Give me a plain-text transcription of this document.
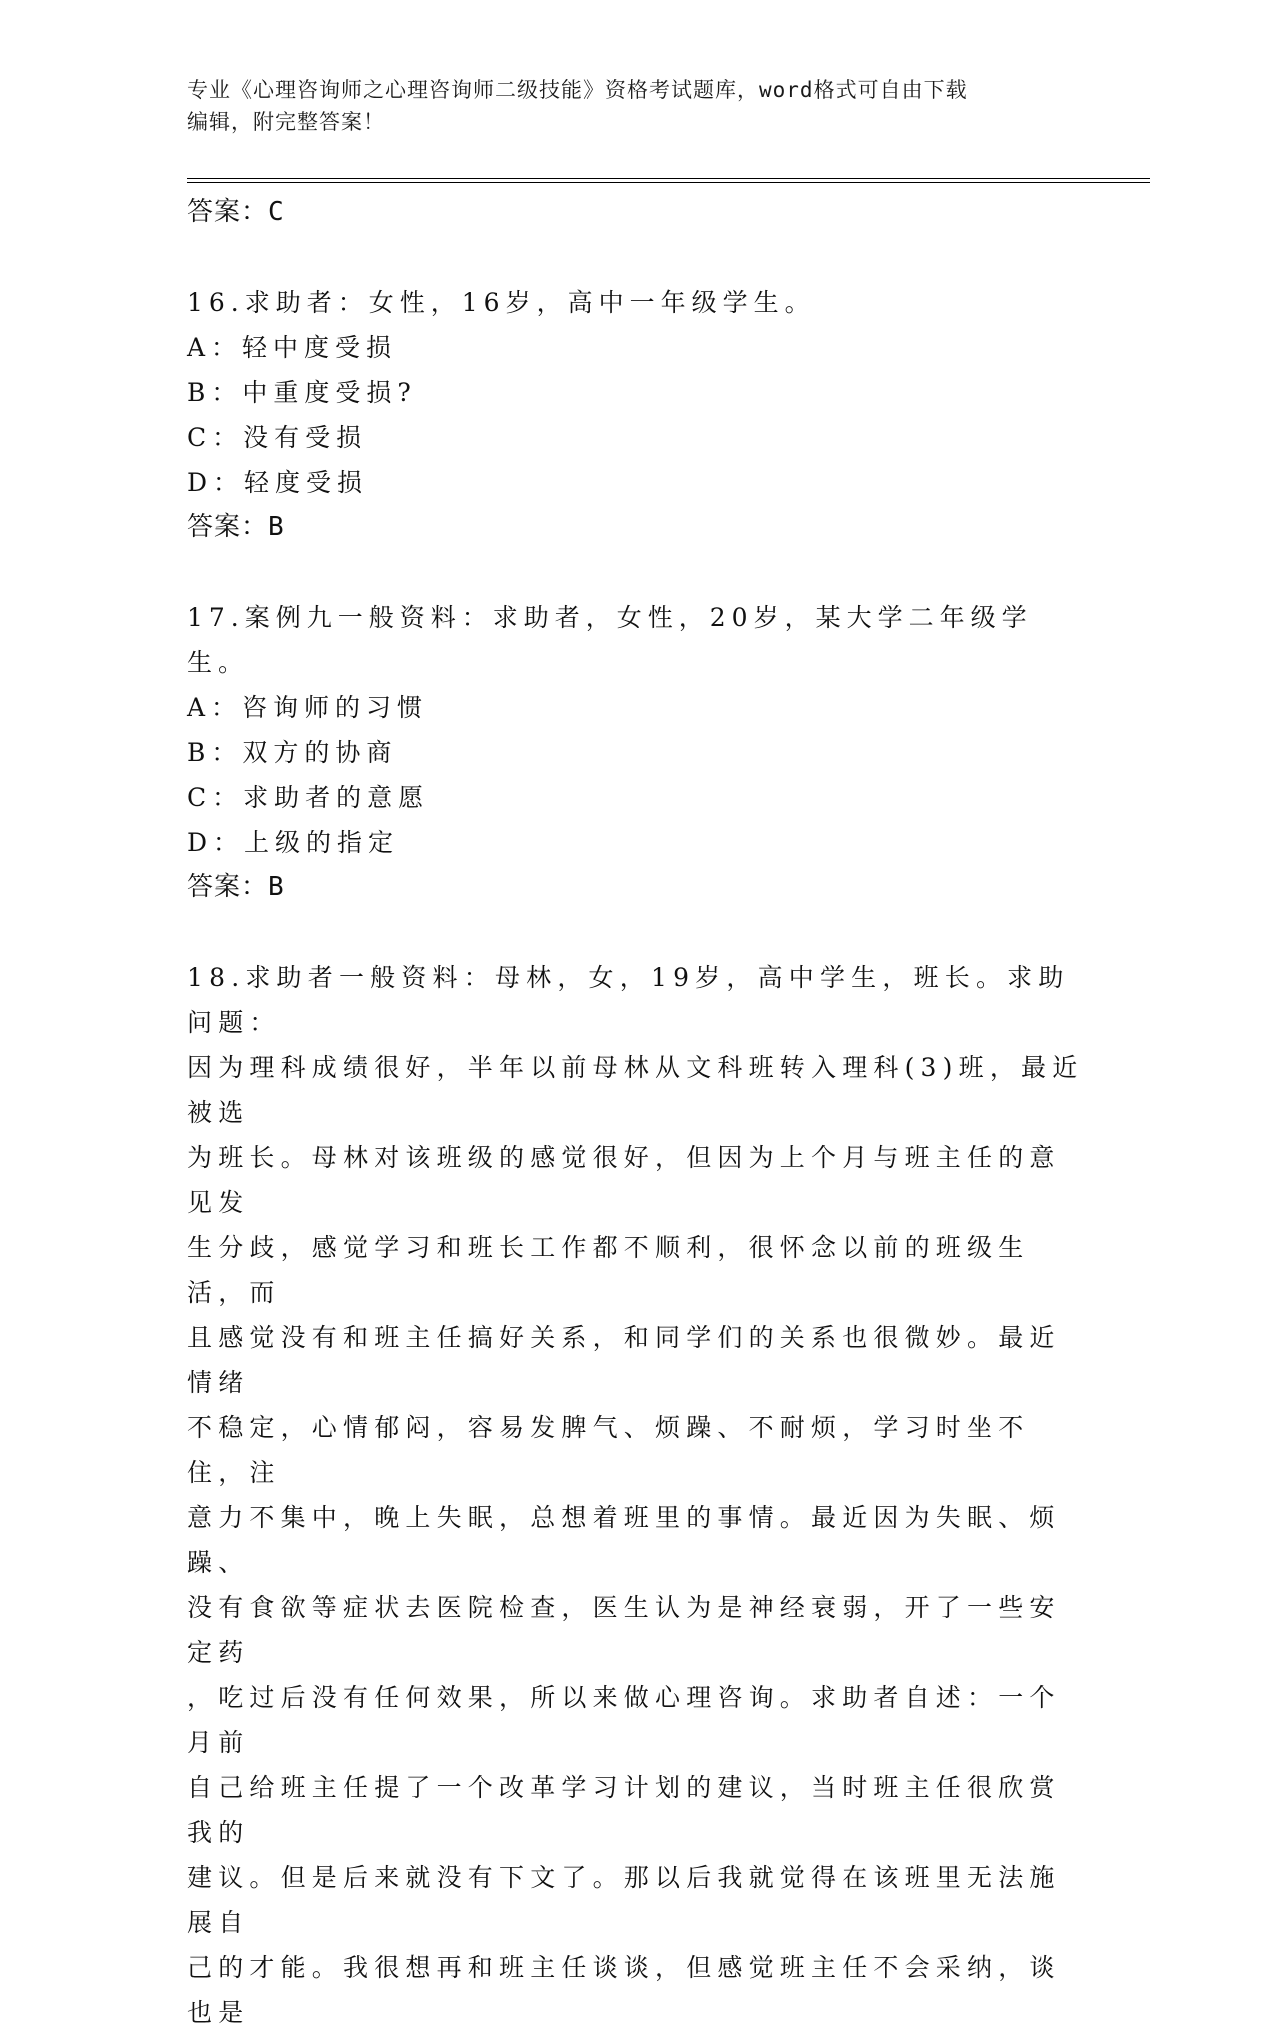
专业《心理咨询师之心理咨询师二级技能》资格考试题库，word格式可自由下载

编辑，附完整答案！

答案：C

16.求助者：女性，16岁，高中一年级学生。

A：轻中度受损

B：中重度受损?

C：没有受损

D：轻度受损

答案：B

17.案例九一般资料：求助者，女性，20岁，某大学二年级学生。

A：咨询师的习惯

B：双方的协商

C：求助者的意愿

D：上级的指定

答案：B

18.求助者一般资料：母林，女，19岁，高中学生，班长。求助问题：

因为理科成绩很好，半年以前母林从文科班转入理科(3)班，最近被选

为班长。母林对该班级的感觉很好，但因为上个月与班主任的意见发

生分歧，感觉学习和班长工作都不顺利，很怀念以前的班级生活，而

且感觉没有和班主任搞好关系，和同学们的关系也很微妙。最近情绪

不稳定，心情郁闷，容易发脾气、烦躁、不耐烦，学习时坐不住，注

意力不集中，晚上失眠，总想着班里的事情。最近因为失眠、烦躁、

没有食欲等症状去医院检查，医生认为是神经衰弱，开了一些安定药

，吃过后没有任何效果，所以来做心理咨询。求助者自述：一个月前

自己给班主任提了一个改革学习计划的建议，当时班主任很欣赏我的

建议。但是后来就没有下文了。那以后我就觉得在该班里无法施展自

己的才能。我很想再和班主任谈谈，但感觉班主任不会采纳，谈也是
